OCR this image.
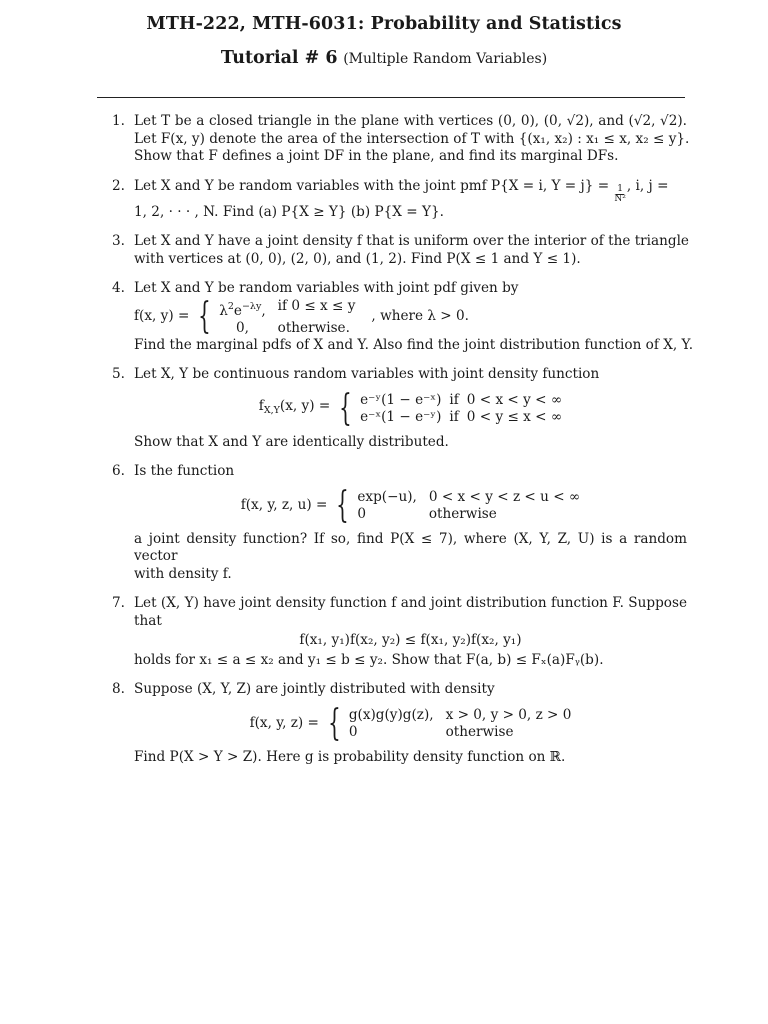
MTH-222, MTH-6031: Probability and Statistics
Tutorial # 6 (Multiple Random Variables)
1. Let T be a closed triangle in the plane with vertices (0, 0), (0, √2), and (√2, √2).
Let F(x, y) denote the area of the intersection of T with {(x₁, x₂) : x₁ ≤ x, x₂ ≤ y}.
Show that F defines a joint DF in the plane, and find its marginal DFs.
2. Let X and Y be random variables with the joint pmf P{X = i, $Y = j\} = \frac{1}{\text{N²}}$ , i, j =
1, 2, · · · , N. Find (a) P{X ≥ Y} (b) P{X = Y}.
3. Let X and Y have a joint density f that is uniform over the interior of the triangle
with vertices at (0, 0), (2, 0), and (1, 2). Find P(X ≤ 1 and Y ≤ 1).
4. Let X and Y be random variables with joint pdf given by
f(x, y) = { $\lambda^2e^{-\lambda y}$, if 0 ≤ x ≤ y
0,	otherwise.
, where λ > 0.
Find the marginal pdfs of X and Y. Also find the joint distribution function of X, Y.
5. Let X, Y be continuous random variables with joint density function
$f_{X,Y}(x$, y) = { e⁻ʸ(1 − e⁻ˣ) if 0 < x < y < ∞
e⁻ˣ(1 − e⁻ʸ) if 0 < y ≤ x < ∞
Show that X and Y are identically distributed.
6. Is the function
f(x, y, z, u) = { exp(−u), 0 < x < y < z < u < ∞
0	otherwise
a joint density function? If so, find P(X ≤ 7), where (X, Y, Z, U) is a random vector
with density f.
7. Let (X, Y) have joint density function f and joint distribution function F. Suppose
that
f(x₁, y₁)f(x₂, y₂) ≤ f(x₁, y₂)f(x₂, y₁)
holds for x₁ ≤ a ≤ x₂ and y₁ ≤ b ≤ y₂. Show that F(a, b) ≤ Fₓ(a)Fᵧ(b).
8. Suppose (X, Y, Z) are jointly distributed with density
f(x, y, z) = { g(x)g(y)g(z), x > 0, y > 0, z > 0
0	otherwise
Find P(X > Y > Z). Here g is probability density function on ℝ.
